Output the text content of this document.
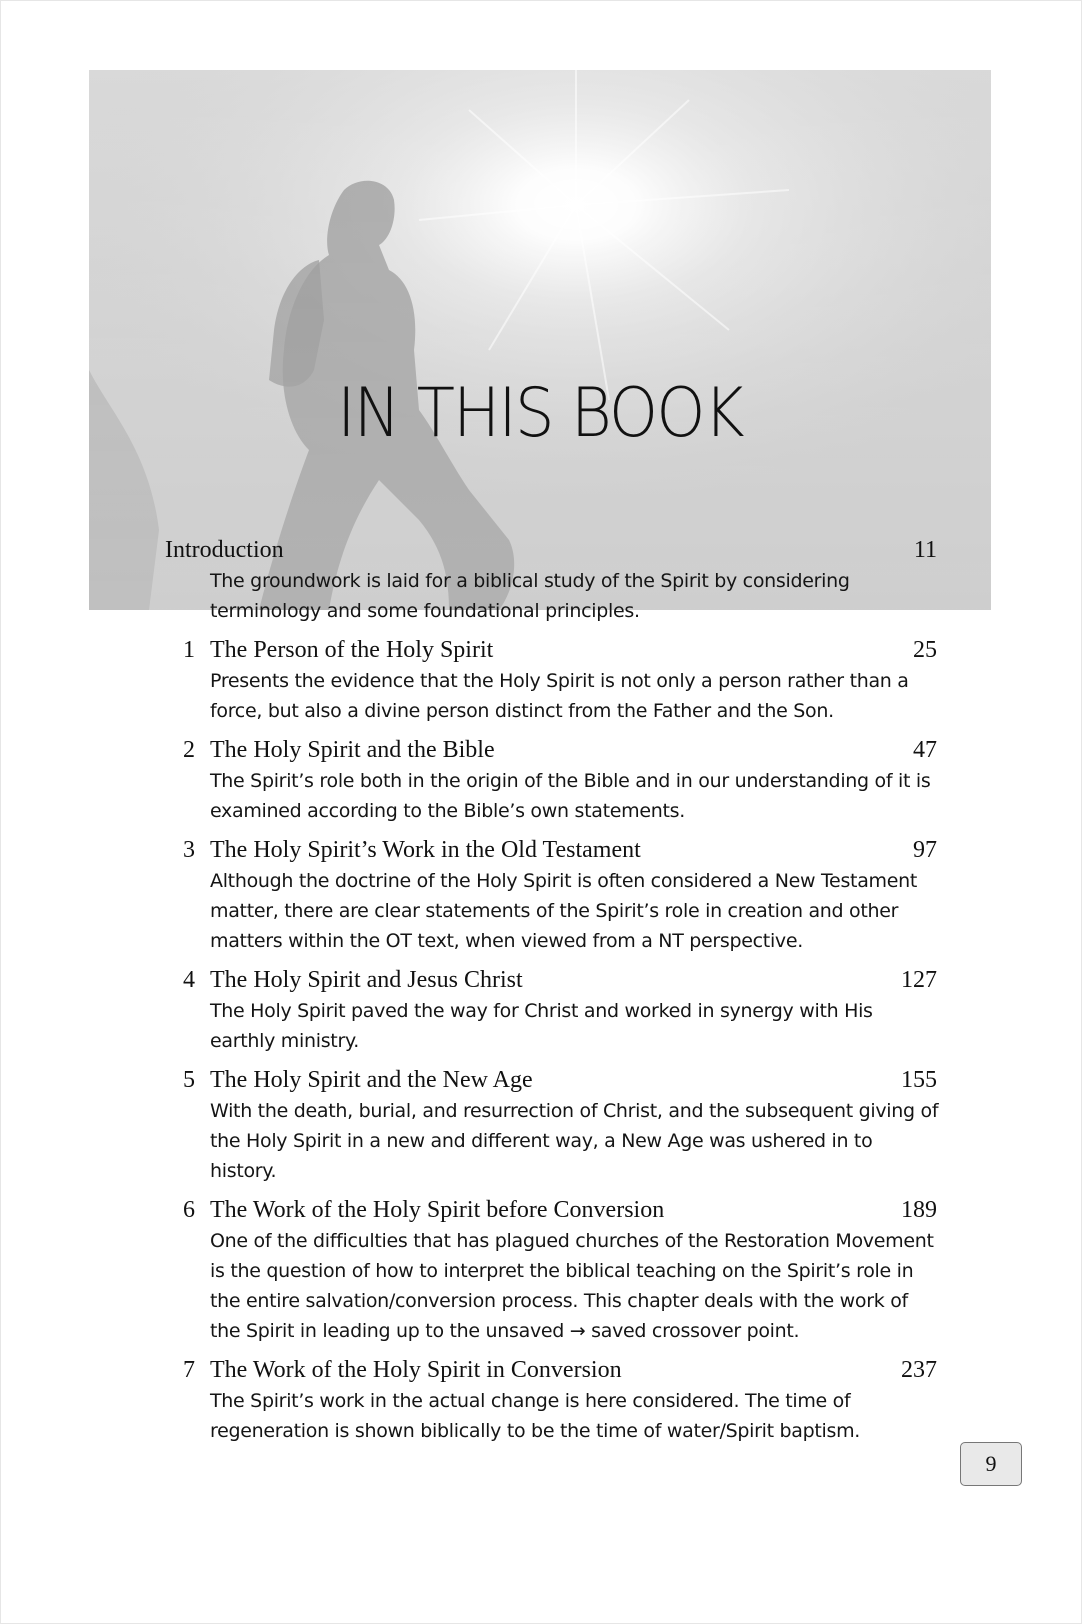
IN THIS BOOK
Introduction	11
The groundwork is laid for a biblical study of the Spirit by considering terminology and some foundational principles.
1 The Person of the Holy Spirit	25
Presents the evidence that the Holy Spirit is not only a person rather than a force, but also a divine person distinct from the Father and the Son.
2 The Holy Spirit and the Bible	47
The Spirit’s role both in the origin of the Bible and in our understanding of it is examined according to the Bible’s own statements.
3 The Holy Spirit’s Work in the Old Testament	97
Although the doctrine of the Holy Spirit is often considered a New Testament matter, there are clear statements of the Spirit’s role in creation and other matters within the OT text, when viewed from a NT perspective.
4 The Holy Spirit and Jesus Christ	127
The Holy Spirit paved the way for Christ and worked in synergy with His earthly ministry.
5 The Holy Spirit and the New Age	155
With the death, burial, and resurrection of Christ, and the subsequent giving of the Holy Spirit in a new and different way, a New Age was ushered in to history.
6 The Work of the Holy Spirit before Conversion	189
One of the difficulties that has plagued churches of the Restoration Movement is the question of how to interpret the biblical teaching on the Spirit’s role in the entire salvation/conversion process. This chapter deals with the work of the Spirit in leading up to the unsaved → saved crossover point.
7 The Work of the Holy Spirit in Conversion	237
The Spirit’s work in the actual change is here considered. The time of regeneration is shown biblically to be the time of water/Spirit baptism.
9
